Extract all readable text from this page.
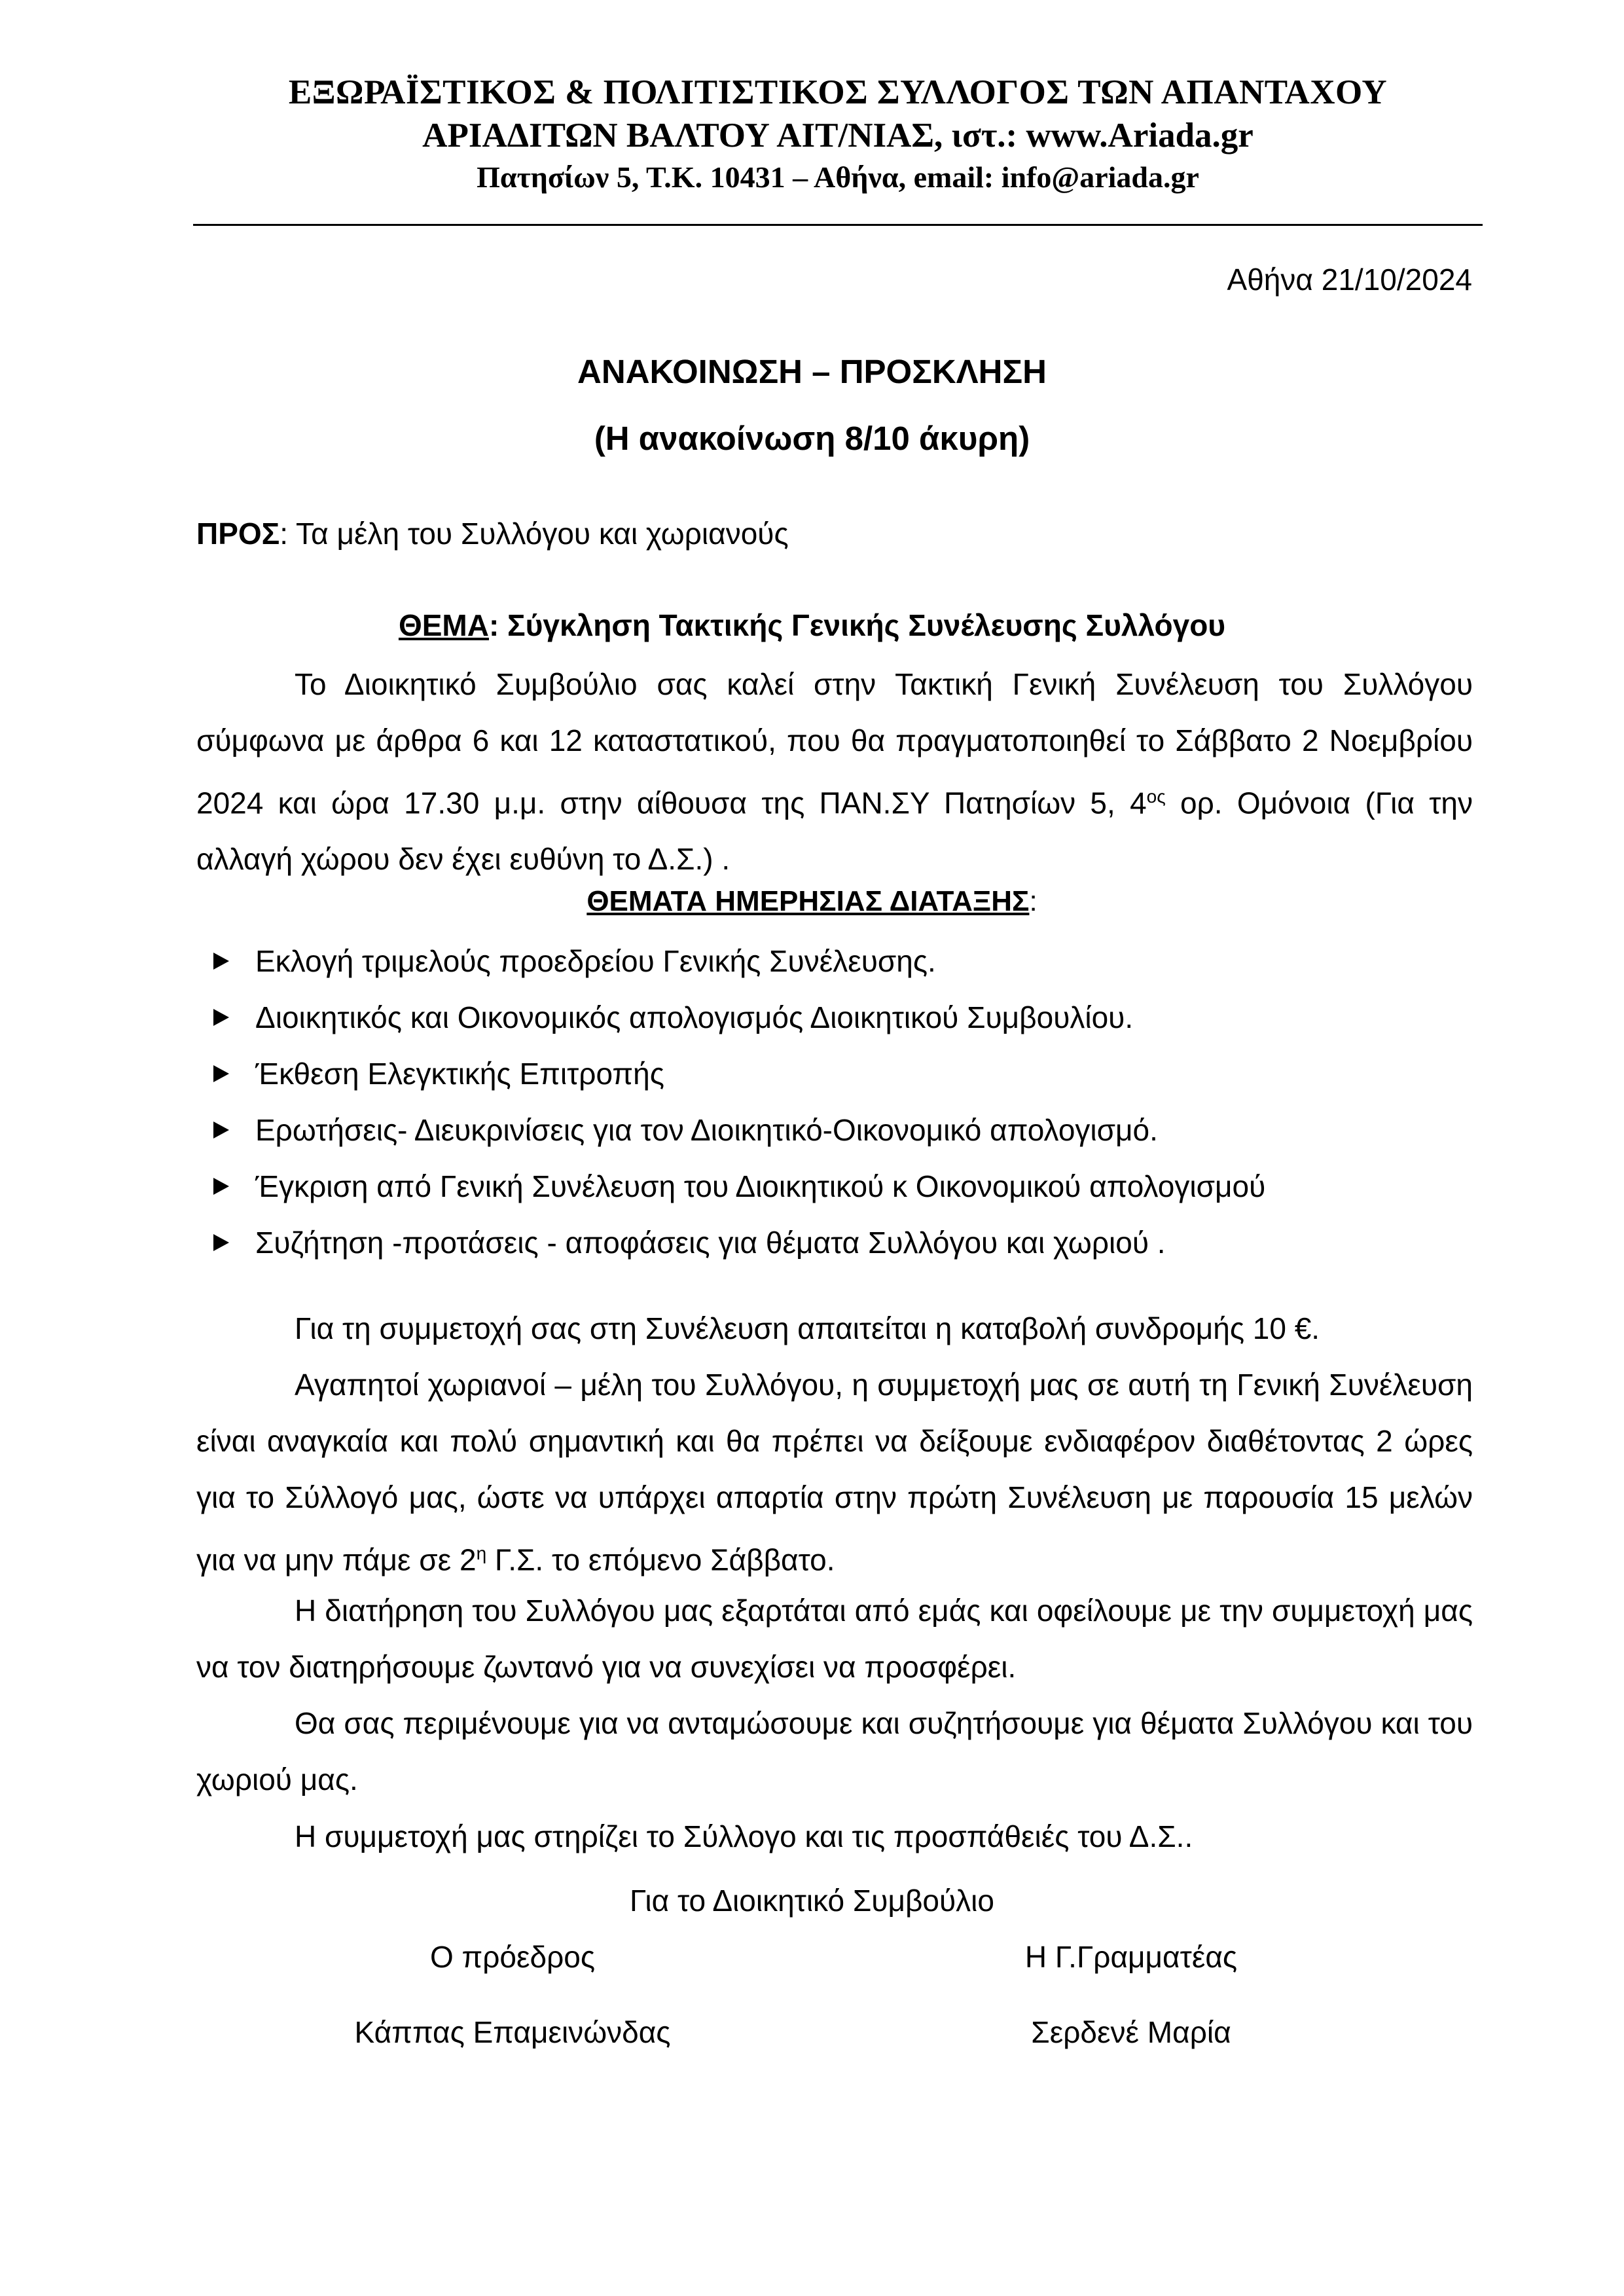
ΕΞΩΡΑΪΣΤΙΚΟΣ & ΠΟΛΙΤΙΣΤΙΚΟΣ ΣΥΛΛΟΓΟΣ ΤΩΝ ΑΠΑΝΤΑΧΟΥ
ΑΡΙΑΔΙΤΩΝ ΒΑΛΤΟΥ ΑΙΤ/ΝΙΑΣ, ιστ.: www.Ariada.gr
Πατησίων 5, Τ.Κ. 10431 – Αθήνα, email: info@ariada.gr
Αθήνα 21/10/2024
ΑΝΑΚΟΙΝΩΣΗ – ΠΡΟΣΚΛΗΣΗ
(Η ανακοίνωση 8/10 άκυρη)
ΠΡΟΣ: Τα μέλη του Συλλόγου και χωριανούς
ΘΕΜΑ: Σύγκληση Τακτικής Γενικής Συνέλευσης Συλλόγου
Το Διοικητικό Συμβούλιο σας καλεί στην Τακτική Γενική Συνέλευση του Συλλόγου σύμφωνα με άρθρα 6 και 12 καταστατικού, που θα πραγματοποιηθεί το Σάββατο 2 Νοεμβρίου 2024 και ώρα 17.30 μ.μ. στην αίθουσα της ΠΑΝ.ΣΥ Πατησίων 5, $4^{o\varsigma}$ ορ. Ομόνοια (Για την αλλαγή χώρου δεν έχει ευθύνη το Δ.Σ.) .
ΘΕΜΑΤΑ ΗΜΕΡΗΣΙΑΣ ΔΙΑΤΑΞΗΣ:
Εκλογή τριμελούς προεδρείου Γενικής Συνέλευσης.
Διοικητικός και Οικονομικός απολογισμός Διοικητικού Συμβουλίου.
Έκθεση Ελεγκτικής Επιτροπής
Ερωτήσεις- Διευκρινίσεις για τον Διοικητικό-Οικονομικό απολογισμό.
Έγκριση από Γενική Συνέλευση του Διοικητικού κ Οικονομικού απολογισμού
Συζήτηση -προτάσεις - αποφάσεις για θέματα Συλλόγου και χωριού .
Για τη συμμετοχή σας στη Συνέλευση απαιτείται η καταβολή συνδρομής 10 €.
Αγαπητοί χωριανοί – μέλη του Συλλόγου, η συμμετοχή μας σε αυτή τη Γενική Συνέλευση είναι αναγκαία και πολύ σημαντική και θα πρέπει να δείξουμε ενδιαφέρον διαθέτοντας 2 ώρες για το Σύλλογό μας, ώστε να υπάρχει απαρτία στην πρώτη Συνέλευση με παρουσία 15 μελών για να μην πάμε σε $2^\eta$ Γ.Σ. το επόμενο Σάββατο.
Η διατήρηση του Συλλόγου μας εξαρτάται από εμάς και οφείλουμε με την συμμετοχή μας να τον διατηρήσουμε ζωντανό για να συνεχίσει να προσφέρει.
Θα σας περιμένουμε για να ανταμώσουμε και συζητήσουμε για θέματα Συλλόγου και του χωριού μας.
Η συμμετοχή μας στηρίζει το Σύλλογο και τις προσπάθειές του Δ.Σ..
Για το Διοικητικό Συμβούλιο
Ο πρόεδρος	Η Γ.Γραμματέας
Κάππας Επαμεινώνδας	Σερδενέ Μαρία
